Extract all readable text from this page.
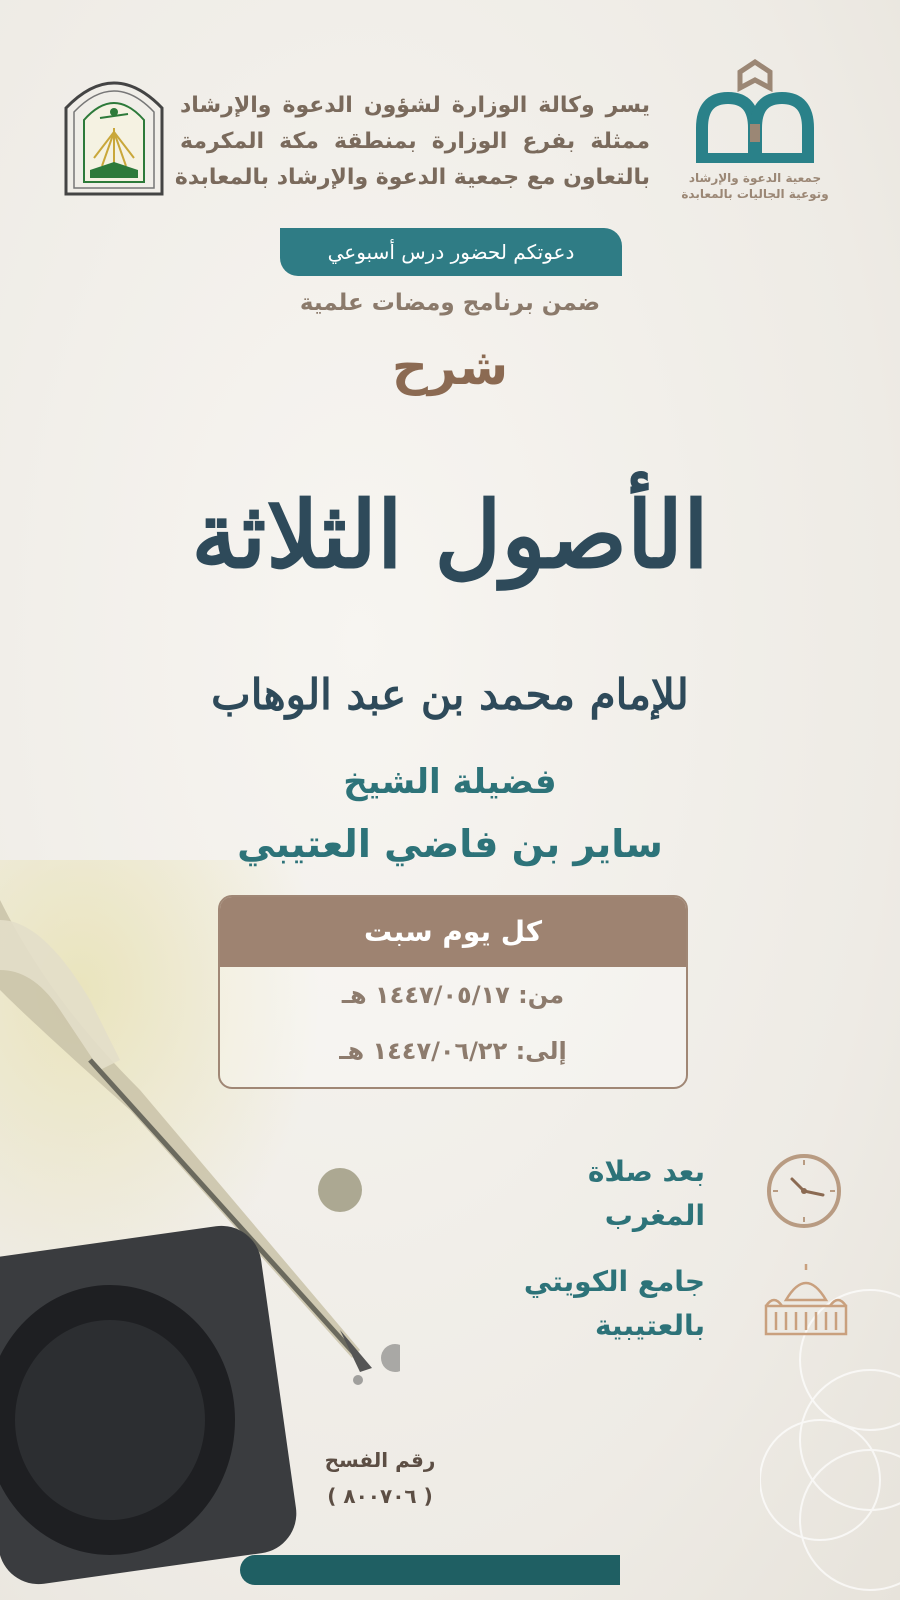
يسر وكالة الوزارة لشؤون الدعوة والإرشاد
ممثلة بفرع الوزارة بمنطقة مكة المكرمة
بالتعاون مع جمعية الدعوة والإرشاد بالمعابدة	جمعية الدعوة والإرشاد
وتوعية الجاليات بالمعابدة
دعوتكم لحضور درس أسبوعي
ضمن برنامج ومضات علمية
شرح
الأصول الثلاثة
للإمام محمد بن عبد الوهاب
فضيلة الشيخ
ساير بن فاضي العتيبي
كل يوم سبت
من: ١٤٤٧/٠٥/١٧ هـ
إلى: ١٤٤٧/٠٦/٢٢ هـ
بعد صلاة
المغرب
جامع الكويتي
بالعتيبية
رقم الفسح
( ٨٠٠٧٠٦ )
